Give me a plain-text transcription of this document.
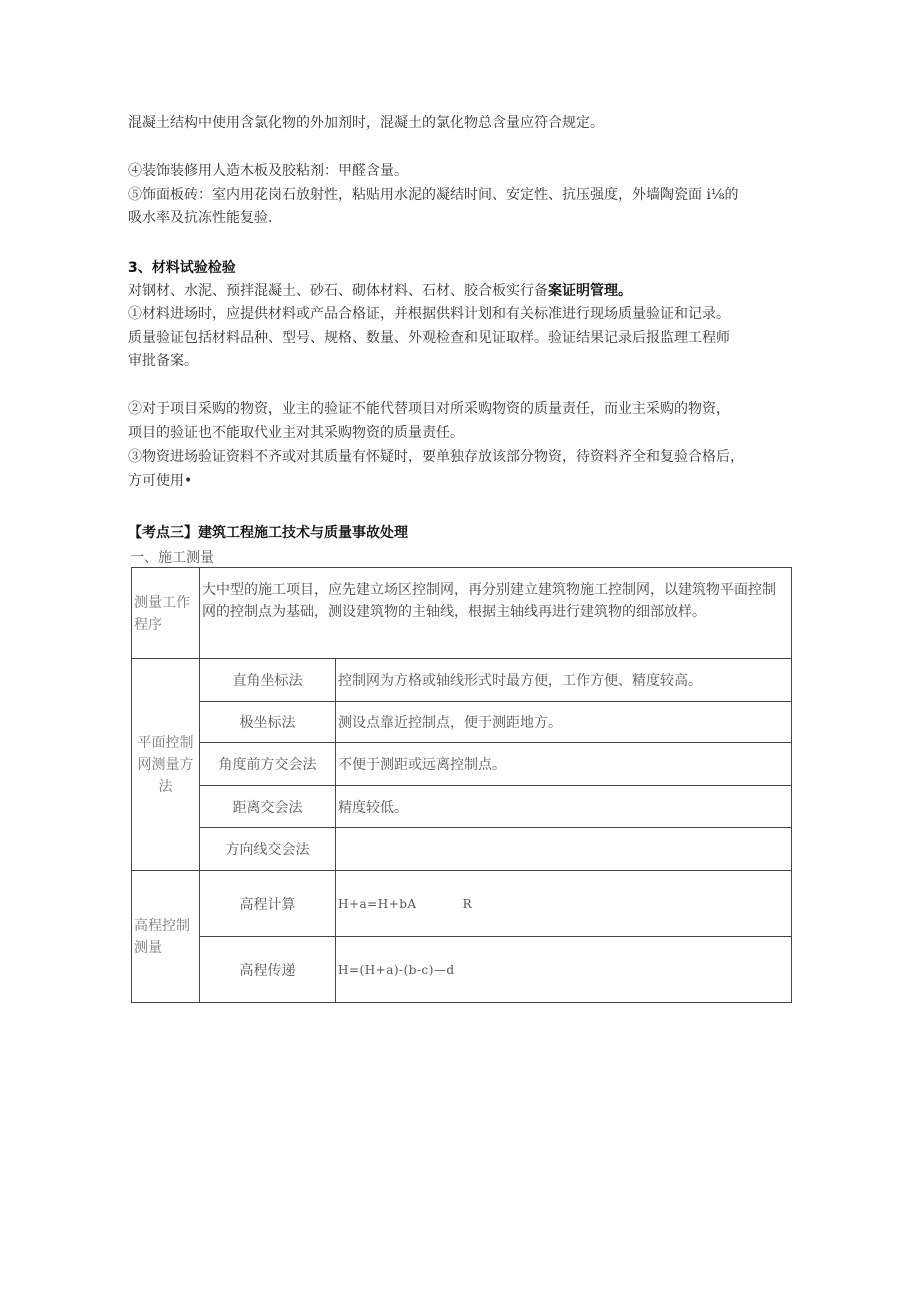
混凝土结构中使用含氯化物的外加剂时，混凝土的氯化物总含量应符合规定。
④装饰装修用人造木板及胶粘剂：甲醛含量。
⑤饰面板砖：室内用花岗石放射性，粘贴用水泥的凝结时间、安定性、抗压强度，外墙陶瓷面 i⅛的
吸水率及抗冻性能复验.
3、材料试验检验
对钢材、水泥、预拌混凝土、砂石、砌体材料、石材、胶合板实行备案证明管理。
①材料进场时，应提供材料或产品合格证，并根据供料计划和有关标准进行现场质量验证和记录。
质量验证包括材料品种、型号、规格、数量、外观检查和见证取样。验证结果记录后报监理工程师
审批备案。
②对于项目采购的物资，业主的验证不能代替项目对所采购物资的质量责任，而业主采购的物资，
项目的验证也不能取代业主对其采购物资的质量责任。
③物资进场验证资料不齐或对其质量有怀疑时，要单独存放该部分物资，待资料齐全和复验合格后，
方可使用•
【考点三】建筑工程施工技术与质量事故处理
一、施工测量
测量工作程序	大中型的施工项目，应先建立场区控制网，再分别建立建筑物施工控制网，以建筑物平面控制网的控制点为基础，测设建筑物的主轴线，根据主轴线再进行建筑物的细部放样。	
平面控制网测量方法	直角坐标法	控制网为方格或轴线形式时最方便，工作方便、精度较高。
	极坐标法	测设点靠近控制点，便于测距地方。
	角度前方交会法	不便于测距或远离控制点。
	距离交会法	精度较低。
	方向线交会法	
高程控制测量	高程计算	H+a=H+bA R
	高程传递	H=(H+a)-(b-c)—d
